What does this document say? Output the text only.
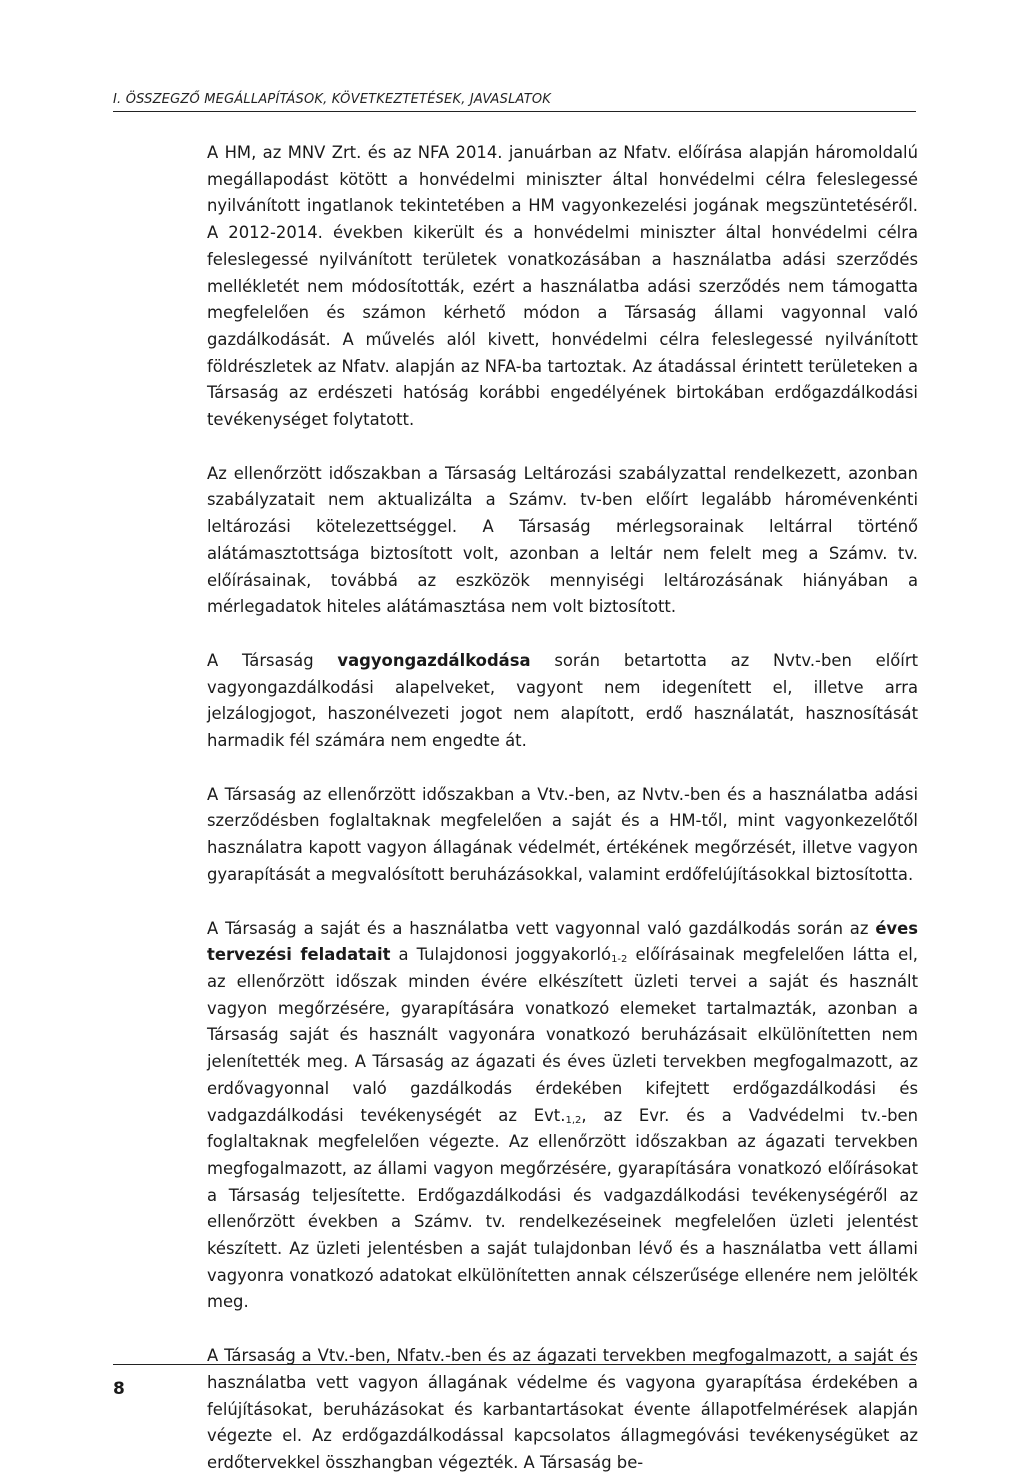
I. ÖSSZEGZŐ MEGÁLLAPÍTÁSOK, KÖVETKEZTETÉSEK, JAVASLATOK

A HM, az MNV Zrt. és az NFA 2014. januárban az Nfatv. előírása alapján háromoldalú megállapodást kötött a honvédelmi miniszter által honvédelmi célra feleslegessé nyilvánított ingatlanok tekintetében a HM vagyonkezelési jogának megszüntetéséről. A 2012-2014. években kikerült és a honvédelmi miniszter által honvédelmi célra feleslegessé nyilvánított területek vonatkozásában a használatba adási szerződés mellékletét nem módosították, ezért a használatba adási szerződés nem támogatta megfelelően és számon kérhető módon a Társaság állami vagyonnal való gazdálkodását. A művelés alól kivett, honvédelmi célra feleslegessé nyilvánított földrészletek az Nfatv. alapján az NFA-ba tartoztak. Az átadással érintett területeken a Társaság az erdészeti hatóság korábbi engedélyének birtokában erdőgazdálkodási tevékenységet folytatott.

Az ellenőrzött időszakban a Társaság Leltározási szabályzattal rendelkezett, azonban szabályzatait nem aktualizálta a Számv. tv-ben előírt legalább háromévenkénti leltározási kötelezettséggel. A Társaság mérlegsorainak leltárral történő alátámasztottsága biztosított volt, azonban a leltár nem felelt meg a Számv. tv. előírásainak, továbbá az eszközök mennyiségi leltározásának hiányában a mérlegadatok hiteles alátámasztása nem volt biztosított.

A Társaság vagyongazdálkodása során betartotta az Nvtv.-ben előírt vagyongazdálkodási alapelveket, vagyont nem idegenített el, illetve arra jelzálogjogot, haszonélvezeti jogot nem alapított, erdő használatát, hasznosítását harmadik fél számára nem engedte át.

A Társaság az ellenőrzött időszakban a Vtv.-ben, az Nvtv.-ben és a használatba adási szerződésben foglaltaknak megfelelően a saját és a HM-től, mint vagyonkezelőtől használatra kapott vagyon állagának védelmét, értékének megőrzését, illetve vagyon gyarapítását a megvalósított beruházásokkal, valamint erdőfelújításokkal biztosította.

A Társaság a saját és a használatba vett vagyonnal való gazdálkodás során az éves tervezési feladatait a Tulajdonosi joggyakorló$_{1-2}$ előírásainak megfelelően látta el, az ellenőrzött időszak minden évére elkészített üzleti tervei a saját és használt vagyon megőrzésére, gyarapítására vonatkozó elemeket tartalmazták, azonban a Társaság saját és használt vagyonára vonatkozó beruházásait elkülönítetten nem jelenítették meg. A Társaság az ágazati és éves üzleti tervekben megfogalmazott, az erdővagyonnal való gazdálkodás érdekében kifejtett erdőgazdálkodási és vadgazdálkodási tevékenységét az $Evt._{1,2}$, az Evr. és a Vadvédelmi tv.-ben foglaltaknak megfelelően végezte. Az ellenőrzött időszakban az ágazati tervekben megfogalmazott, az állami vagyon megőrzésére, gyarapítására vonatkozó előírásokat a Társaság teljesítette. Erdőgazdálkodási és vadgazdálkodási tevékenységéről az ellenőrzött években a Számv. tv. rendelkezéseinek megfelelően üzleti jelentést készített. Az üzleti jelentésben a saját tulajdonban lévő és a használatba vett állami vagyonra vonatkozó adatokat elkülönítetten annak célszerűsége ellenére nem jelölték meg.

A Társaság a Vtv.-ben, Nfatv.-ben és az ágazati tervekben megfogalmazott, a saját és használatba vett vagyon állagának védelme és vagyona gyarapítása érdekében a felújításokat, beruházásokat és karbantartásokat évente állapotfelmérések alapján végezte el. Az erdőgazdálkodással kapcsolatos állagmegóvási tevékenységüket az erdőtervekkel összhangban végezték. A Társaság be-

8
